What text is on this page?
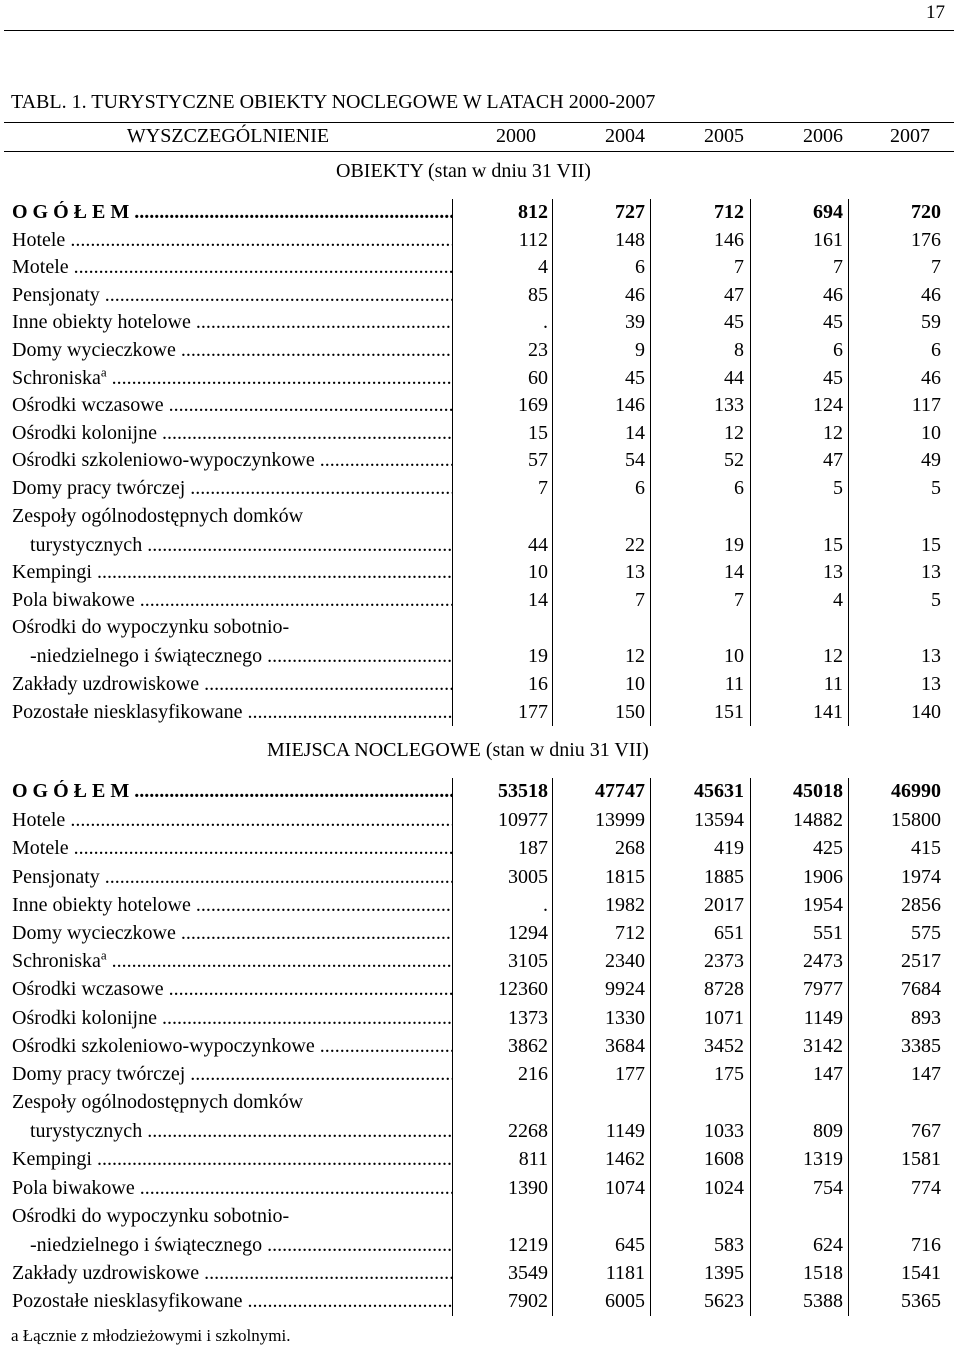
17
TABL. 1. TURYSTYCZNE OBIEKTY NOCLEGOWE W LATACH 2000-2007
WYSZCZEGÓLNIENIE	2000	2004	2005	2006 2007
OBIEKTY (stan w dniu 31 VII)
O G Ó Ł E M .....	812	727	712	694	720
Hotele .....	112	148	146	161	176
Motele .....	4	6	7	7	7
Pensjonaty .....	85	46	47	46	46
Inne obiekty hotelowe .....	.	39	45	45	59
Domy wycieczkowe .....	23	9	8	6	6
Schroniska$^a$ .....	60	45	44	45	46
Ośrodki wczasowe .....	169	146	133	124	117
Ośrodki kolonijne .....	15	14	12	12	10
Ośrodki szkoleniowo-wypoczynkowe .....	57	54	52	47	49
Domy pracy twórczej .....	7	6	6	5	5
Zespoły ogólnodostępnych domków
turystycznych .....	44	22	19	15	15
Kempingi .....	10	13	14	13	13
Pola biwakowe .....	14	7	7	4	5
Ośrodki do wypoczynku sobotnio-
-niedzielnego i świątecznego .....	19	12	10	12	13
Zakłady uzdrowiskowe .....	16	10	11	11	13
Pozostałe niesklasyfikowane .....	177	150	151	141	140
MIEJSCA NOCLEGOWE (stan w dniu 31 VII)
O G Ó Ł E M .....	53518 47747 45631 45018 46990
Hotele .....	10977 13999 13594 14882 15800
Motele .....	187	268	419	425	415
Pensjonaty .....	3005	1815	1885	1906	1974
Inne obiekty hotelowe .....	.	1982	2017	1954	2856
Domy wycieczkowe .....	1294	712	651	551	575
Schroniska$^a$ .....	3105	2340	2373	2473	2517
Ośrodki wczasowe .....	12360	9924	8728	7977	7684
Ośrodki kolonijne .....	1373	1330	1071	1149	893
Ośrodki szkoleniowo-wypoczynkowe .....	3862	3684	3452	3142	3385
Domy pracy twórczej .....	216	177	175	147	147
Zespoły ogólnodostępnych domków
turystycznych .....	2268	1149	1033	809	767
Kempingi .....	811	1462	1608	1319	1581
Pola biwakowe .....	1390	1074	1024	754	774
Ośrodki do wypoczynku sobotnio-
-niedzielnego i świątecznego .....	1219	645	583	624	716
Zakłady uzdrowiskowe .....	3549	1181	1395	1518	1541
Pozostałe niesklasyfikowane .....	7902	6005	5623	5388	5365
a Łącznie z młodzieżowymi i szkolnymi.
